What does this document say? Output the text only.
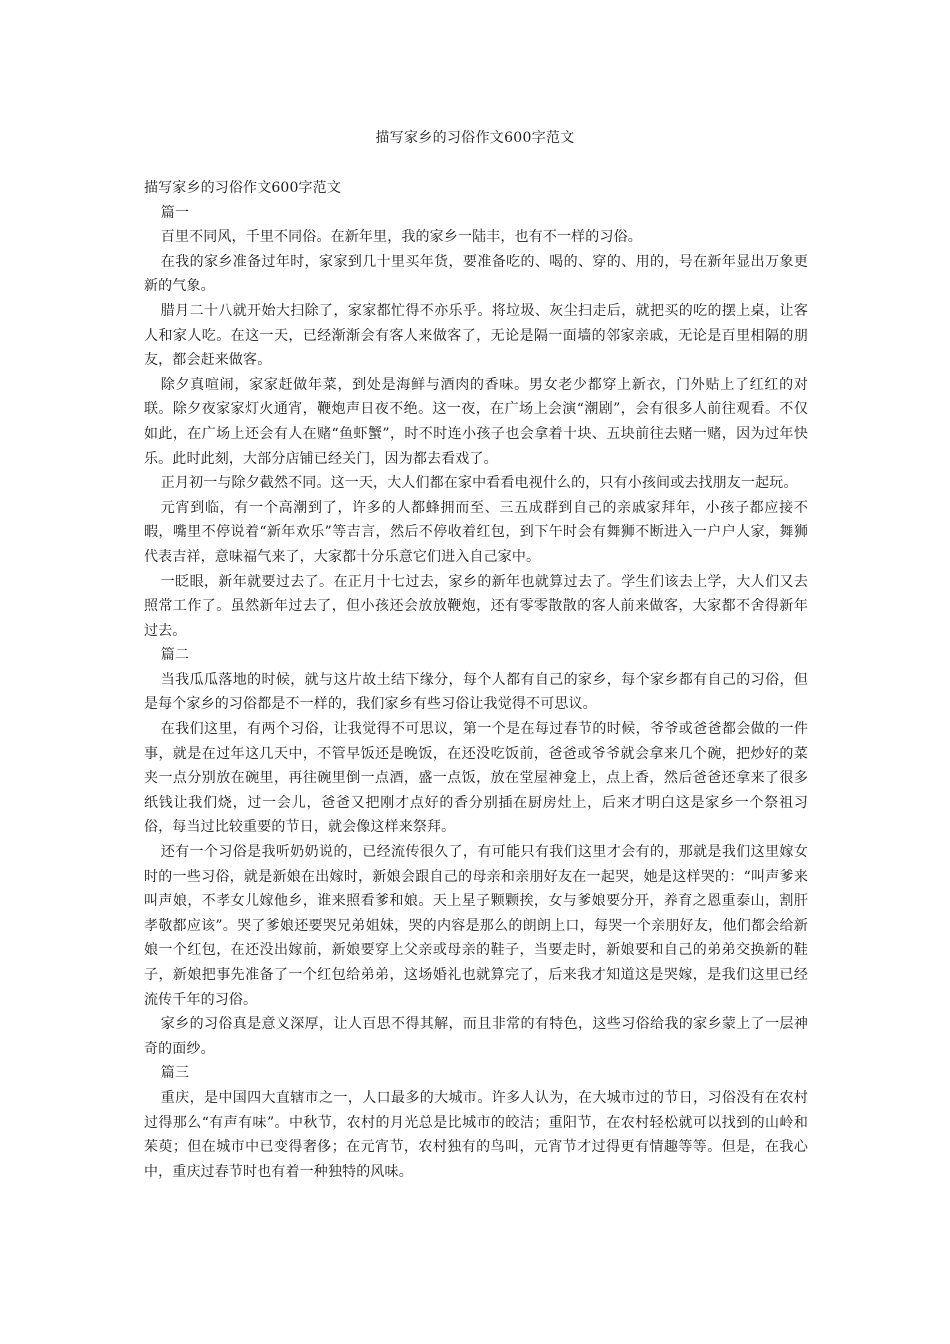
描写家乡的习俗作文600字范文

描写家乡的习俗作文600字范文

篇一

百里不同风，千里不同俗。在新年里，我的家乡一陆丰，也有不一样的习俗。

在我的家乡准备过年时，家家到几十里买年货，要准备吃的、喝的、穿的、用的，号在新年显出万象更新的气象。

腊月二十八就开始大扫除了，家家都忙得不亦乐乎。将垃圾、灰尘扫走后，就把买的吃的摆上桌，让客人和家人吃。在这一天，已经渐渐会有客人来做客了，无论是隔一面墙的邻家亲戚，无论是百里相隔的朋友，都会赶来做客。

除夕真喧闹，家家赶做年菜，到处是海鲜与酒肉的香味。男女老少都穿上新衣，门外贴上了红红的对联。除夕夜家家灯火通宵，鞭炮声日夜不绝。这一夜，在广场上会演“潮剧”，会有很多人前往观看。不仅如此，在广场上还会有人在赌“鱼虾蟹”，时不时连小孩子也会拿着十块、五块前往去赌一赌，因为过年快乐。此时此刻，大部分店铺已经关门，因为都去看戏了。

正月初一与除夕截然不同。这一天，大人们都在家中看看电视什么的，只有小孩间或去找朋友一起玩。

元宵到临，有一个高潮到了，许多的人都蜂拥而至、三五成群到自己的亲戚家拜年，小孩子都应接不暇，嘴里不停说着“新年欢乐”等吉言，然后不停收着红包，到下午时会有舞狮不断进入一户户人家，舞狮代表吉祥，意味福气来了，大家都十分乐意它们进入自己家中。

一眨眼，新年就要过去了。在正月十七过去，家乡的新年也就算过去了。学生们该去上学，大人们又去照常工作了。虽然新年过去了，但小孩还会放放鞭炮，还有零零散散的客人前来做客，大家都不舍得新年过去。

篇二

当我瓜瓜落地的时候，就与这片故土结下缘分，每个人都有自己的家乡，每个家乡都有自己的习俗，但是每个家乡的习俗都是不一样的，我们家乡有些习俗让我觉得不可思议。

在我们这里，有两个习俗，让我觉得不可思议，第一个是在每过春节的时候，爷爷或爸爸都会做的一件事，就是在过年这几天中，不管早饭还是晚饭，在还没吃饭前，爸爸或爷爷就会拿来几个碗，把炒好的菜夹一点分别放在碗里，再往碗里倒一点酒，盛一点饭，放在堂屋神龛上，点上香，然后爸爸还拿来了很多纸钱让我们烧，过一会儿，爸爸又把刚才点好的香分别插在厨房灶上，后来才明白这是家乡一个祭祖习俗，每当过比较重要的节日，就会像这样来祭拜。

还有一个习俗是我听奶奶说的，已经流传很久了，有可能只有我们这里才会有的，那就是我们这里嫁女时的一些习俗，就是新娘在出嫁时，新娘会跟自己的母亲和亲朋好友在一起哭，她是这样哭的：“叫声爹来叫声娘，不孝女儿嫁他乡，谁来照看爹和娘。天上星子颗颗挨，女与爹娘要分开，养育之恩重泰山，割肝孝敬都应该”。哭了爹娘还要哭兄弟姐妹，哭的内容是那么的朗朗上口，每哭一个亲朋好友，他们都会给新娘一个红包，在还没出嫁前，新娘要穿上父亲或母亲的鞋子，当要走时，新娘要和自己的弟弟交换新的鞋子，新娘把事先准备了一个红包给弟弟，这场婚礼也就算完了，后来我才知道这是哭嫁，是我们这里已经流传千年的习俗。

家乡的习俗真是意义深厚，让人百思不得其解，而且非常的有特色，这些习俗给我的家乡蒙上了一层神奇的面纱。

篇三

重庆，是中国四大直辖市之一，人口最多的大城市。许多人认为，在大城市过的节日，习俗没有在农村过得那么“有声有味”。中秋节，农村的月光总是比城市的皎洁；重阳节，在农村轻松就可以找到的山岭和茱萸；但在城市中已变得奢侈；在元宵节，农村独有的鸟叫，元宵节才过得更有情趣等等。但是，在我心中，重庆过春节时也有着一种独特的风味。
